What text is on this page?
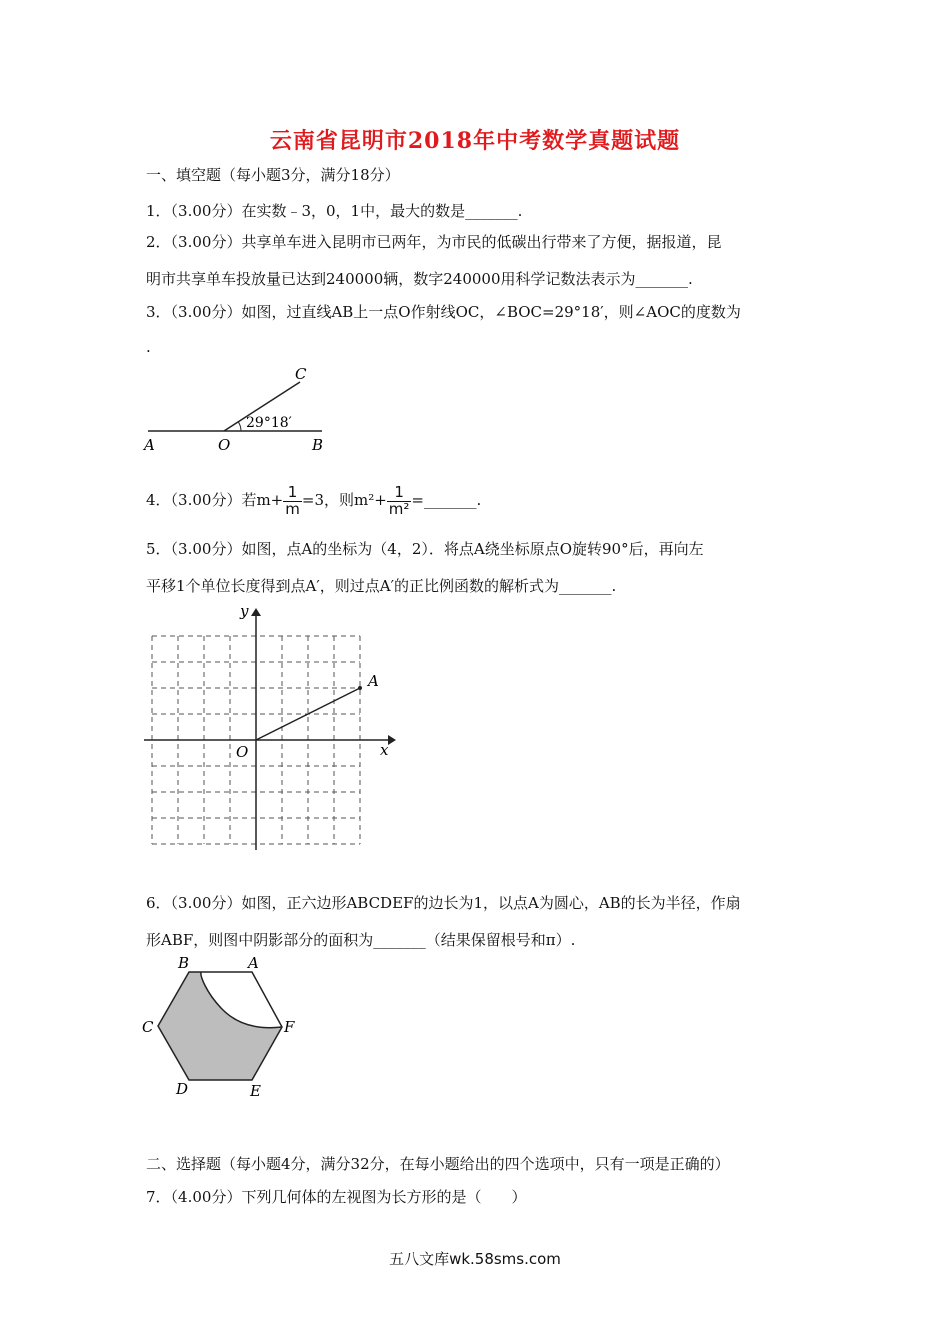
云南省昆明市2018年中考数学真题试题
一、填空题（每小题3分，满分18分）
1．（3.00分）在实数﹣3，0，1中，最大的数是_______.
2．（3.00分）共享单车进入昆明市已两年，为市民的低碳出行带来了方便，据报道，昆
明市共享单车投放量已达到240000辆，数字240000用科学记数法表示为_______.
3．（3.00分）如图，过直线AB上一点O作射线OC，∠BOC=29°18′，则∠AOC的度数为
.
A	O	B
C
29°18′
4．（3.00分）若$m+ \frac{1}{m} =3$，则$m^2+ \frac{1}{\text{m²}}$ =_______.
5．（3.00分）如图，点A的坐标为（4，2）．将点A绕坐标原点O旋转90°后，再向左
平移1个单位长度得到点A′，则过点A′的正比例函数的解析式为_______.
y
x
O
A
6．（3.00分）如图，正六边形ABCDEF的边长为1，以点A为圆心，AB的长为半径，作扇
形ABF，则图中阴影部分的面积为_______（结果保留根号和π）.
B	A
C	F
D	E
二、选择题（每小题4分，满分32分，在每小题给出的四个选项中，只有一项是正确的）
7．（4.00分）下列几何体的左视图为长方形的是（　　）
五八文库wk.58sms.com
